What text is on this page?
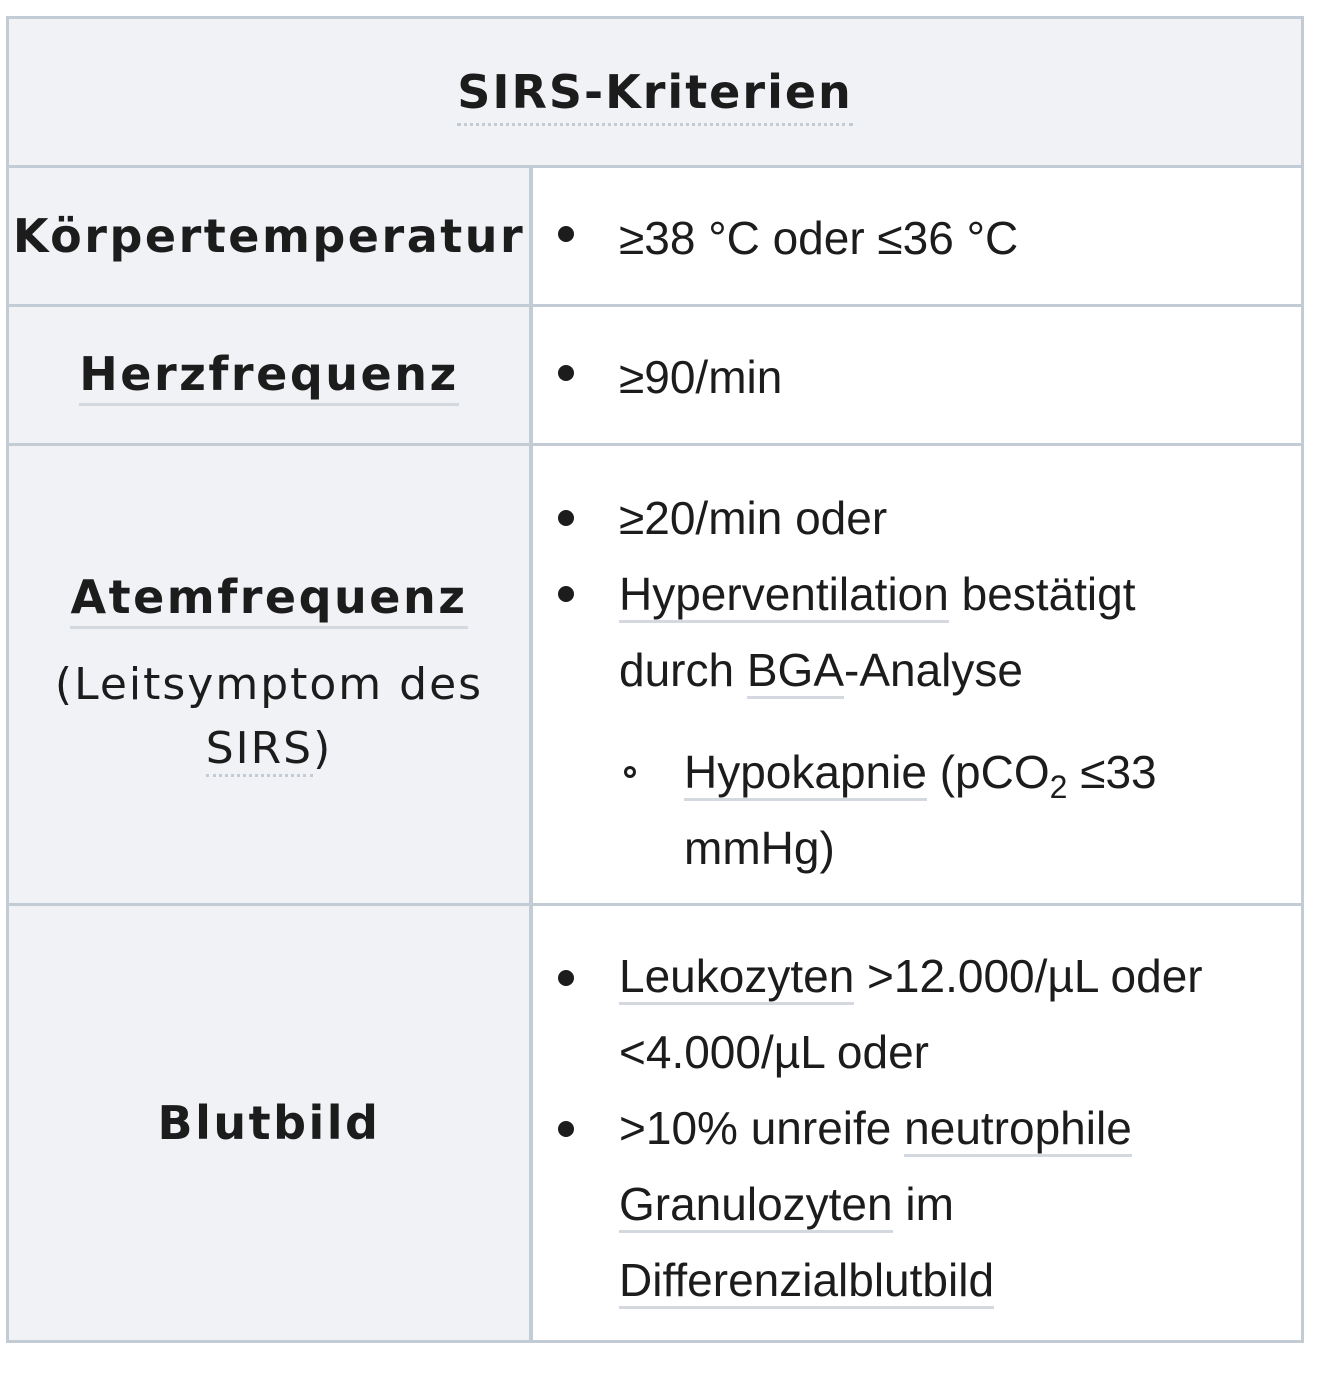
SIRS-Kriterien
Körpertemperatur ≥38 °C oder ≤36 °C
Herzfrequenz	≥90/min
Atemfrequenz
(Leitsymptom des
SIRS)
≥20/min oder
Hyperventilation bestätigt
durch BGA-Analyse
Hypokapnie (pCO$_2$ ≤33
mmHg)
Blutbild
Leukozyten >12.000/µL oder
<4.000/µL oder
>10% unreife neutrophile
Granulozyten im
Differenzialblutbild
